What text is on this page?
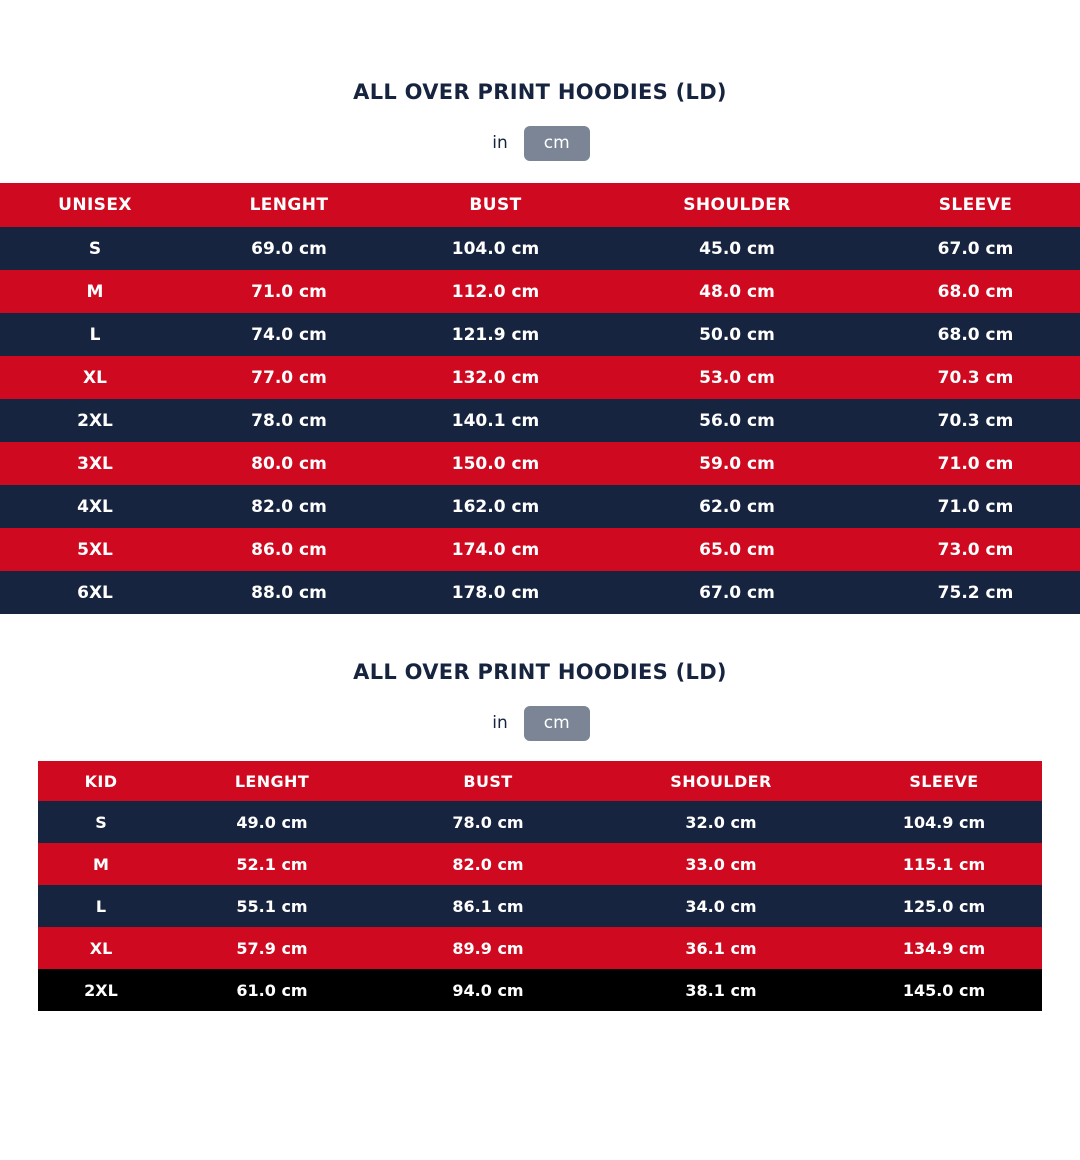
ALL OVER PRINT HOODIES (LD)
in	cm
UNISEX	LENGHT	BUST	SHOULDER	SLEEVE
S	69.0 cm	104.0 cm	45.0 cm	67.0 cm
M	71.0 cm	112.0 cm	48.0 cm	68.0 cm
L	74.0 cm	121.9 cm	50.0 cm	68.0 cm
XL	77.0 cm	132.0 cm	53.0 cm	70.3 cm
2XL	78.0 cm	140.1 cm	56.0 cm	70.3 cm
3XL	80.0 cm	150.0 cm	59.0 cm	71.0 cm
4XL	82.0 cm	162.0 cm	62.0 cm	71.0 cm
5XL	86.0 cm	174.0 cm	65.0 cm	73.0 cm
6XL	88.0 cm	178.0 cm	67.0 cm	75.2 cm
ALL OVER PRINT HOODIES (LD)
in	cm
KID	LENGHT	BUST	SHOULDER	SLEEVE
S	49.0 cm	78.0 cm	32.0 cm	104.9 cm
M	52.1 cm	82.0 cm	33.0 cm	115.1 cm
L	55.1 cm	86.1 cm	34.0 cm	125.0 cm
XL	57.9 cm	89.9 cm	36.1 cm	134.9 cm
2XL	61.0 cm	94.0 cm	38.1 cm	145.0 cm
